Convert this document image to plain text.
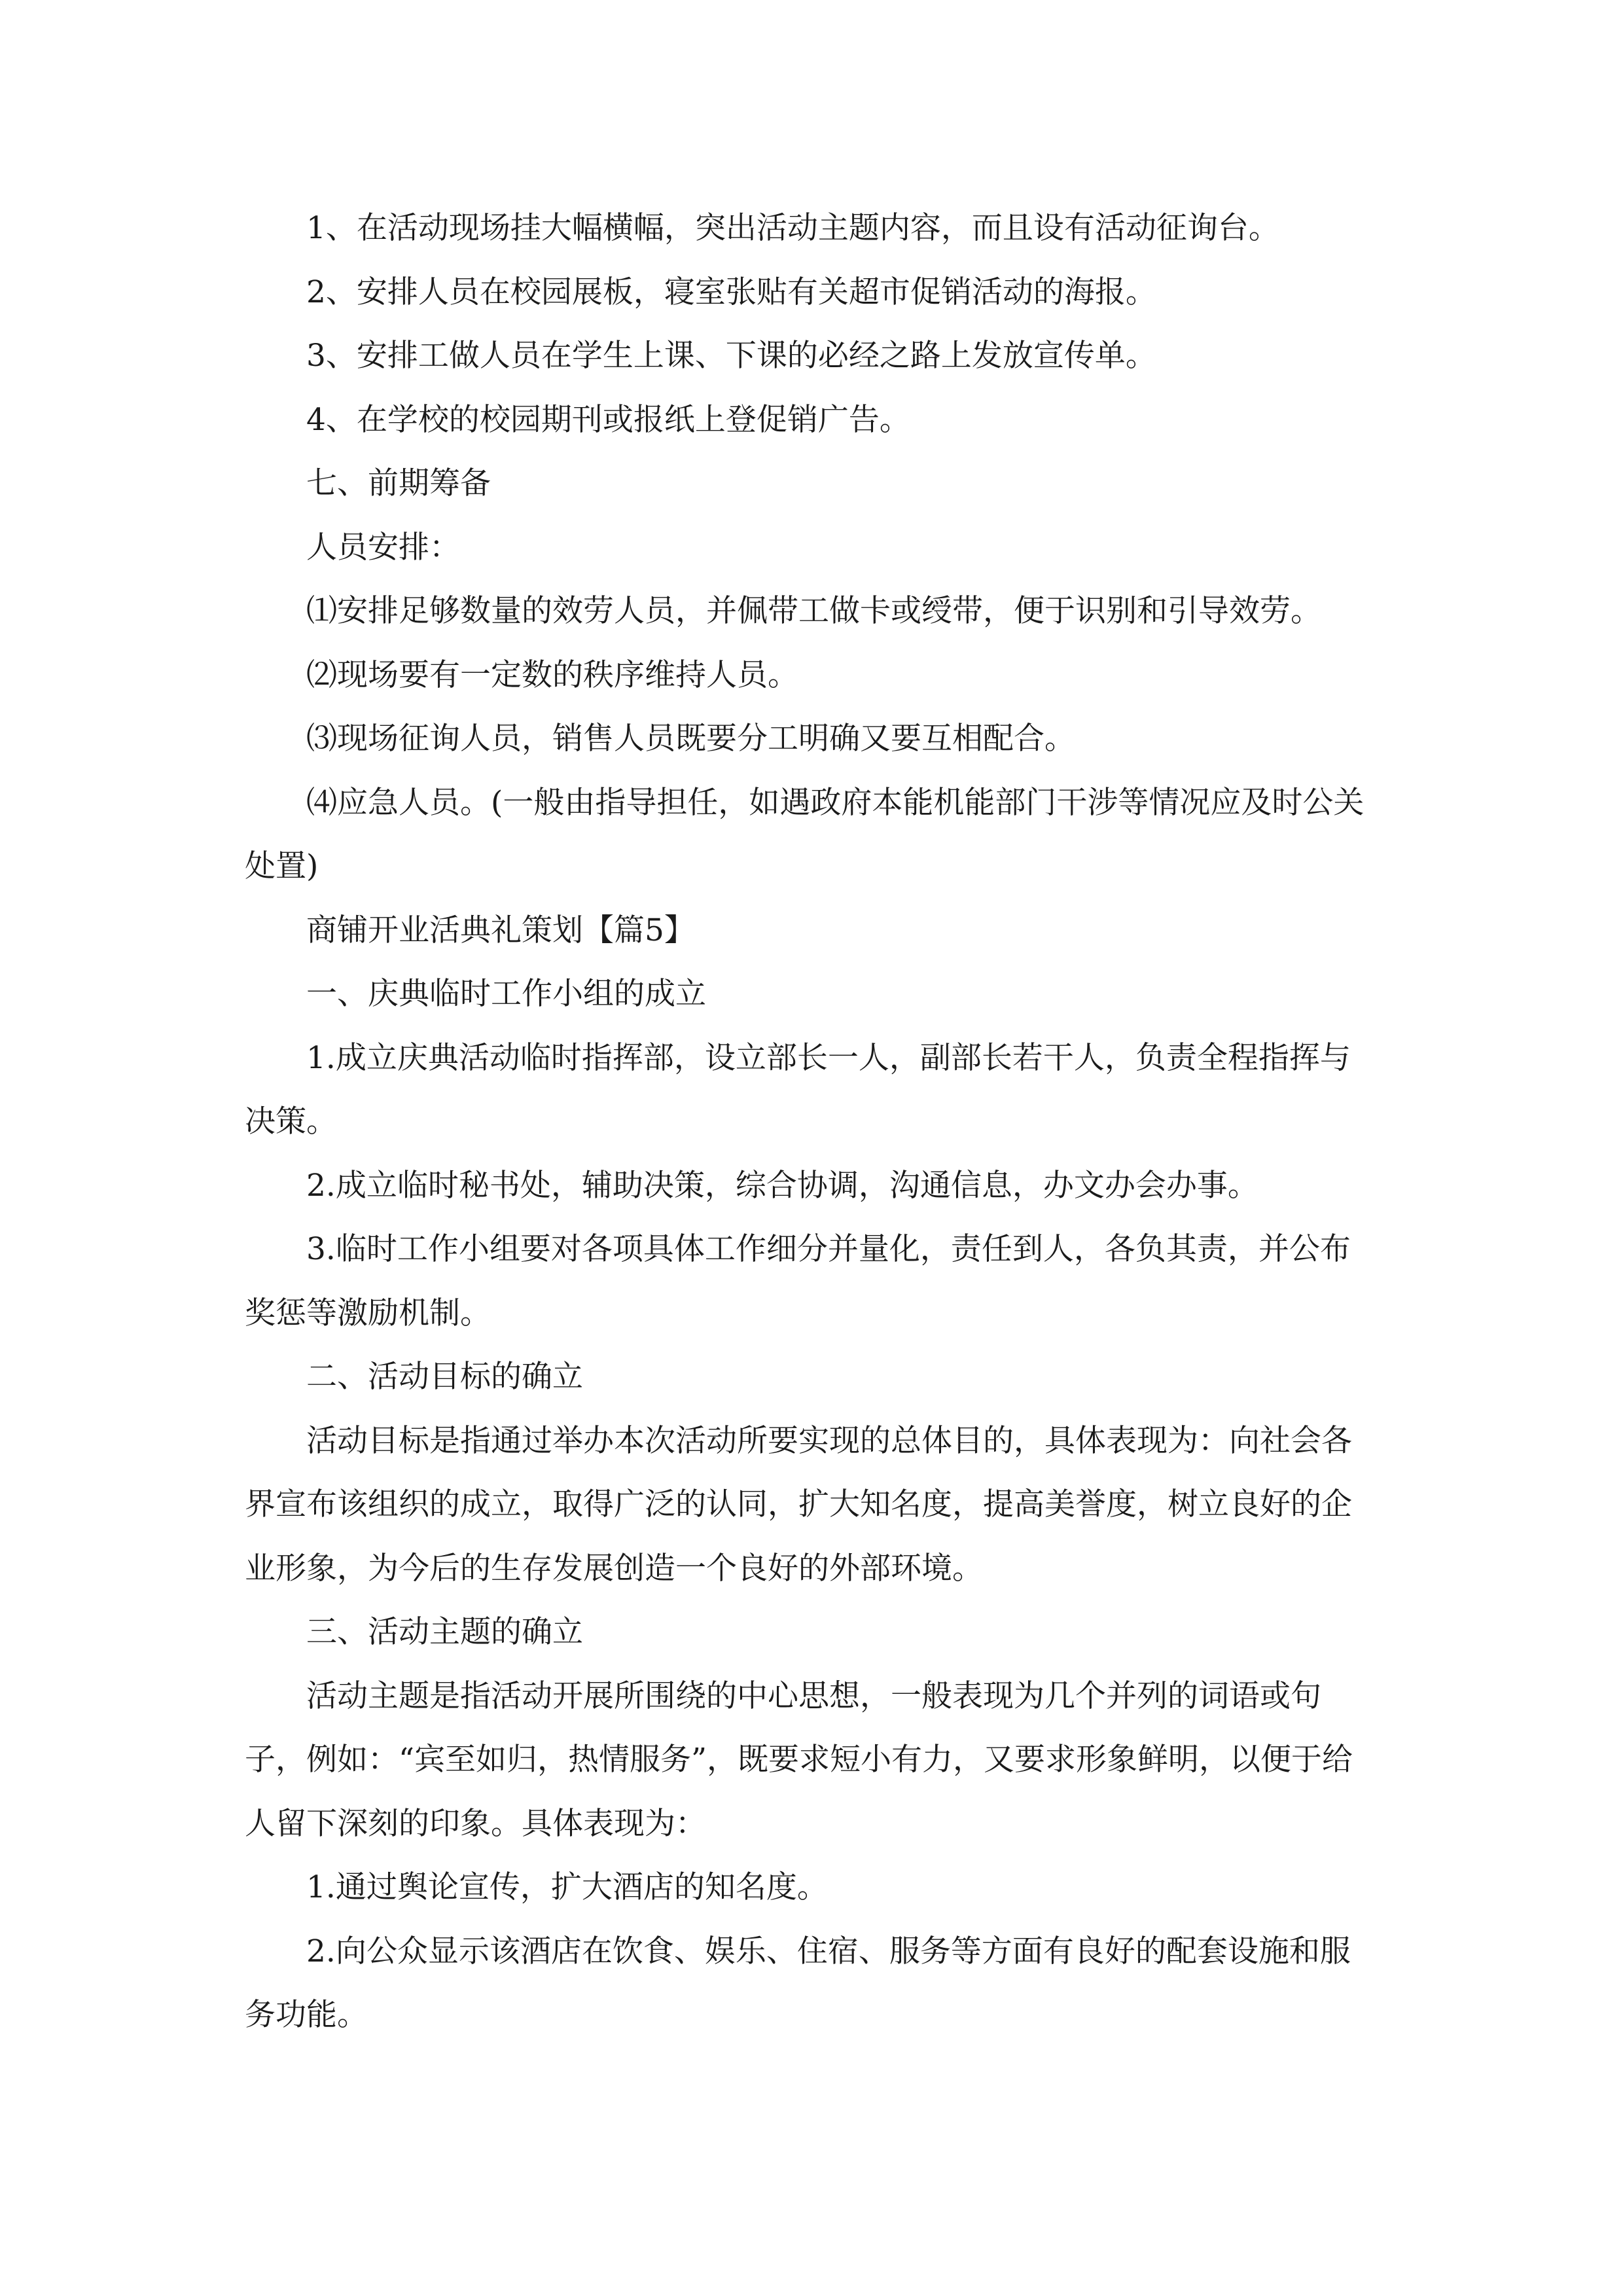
1、在活动现场挂大幅横幅，突出活动主题内容，而且设有活动征询台。

2、安排人员在校园展板，寝室张贴有关超市促销活动的海报。

3、安排工做人员在学生上课、下课的必经之路上发放宣传单。

4、在学校的校园期刊或报纸上登促销广告。

七、前期筹备

人员安排：

⑴安排足够数量的效劳人员，并佩带工做卡或绶带，便于识别和引导效劳。

⑵现场要有一定数的秩序维持人员。

⑶现场征询人员，销售人员既要分工明确又要互相配合。

⑷应急人员。(一般由指导担任，如遇政府本能机能部门干涉等情况应及时公关处置)

商铺开业活典礼策划【篇5】

一、庆典临时工作小组的成立

1.成立庆典活动临时指挥部，设立部长一人，副部长若干人，负责全程指挥与决策。

2.成立临时秘书处，辅助决策，综合协调，沟通信息，办文办会办事。

3.临时工作小组要对各项具体工作细分并量化，责任到人，各负其责，并公布奖惩等激励机制。

二、活动目标的确立

活动目标是指通过举办本次活动所要实现的总体目的，具体表现为：向社会各界宣布该组织的成立，取得广泛的认同，扩大知名度，提高美誉度，树立良好的企业形象，为今后的生存发展创造一个良好的外部环境。

三、活动主题的确立

活动主题是指活动开展所围绕的中心思想，一般表现为几个并列的词语或句子，例如：“宾至如归，热情服务”，既要求短小有力，又要求形象鲜明，以便于给人留下深刻的印象。具体表现为：

1.通过舆论宣传，扩大酒店的知名度。

2.向公众显示该酒店在饮食、娱乐、住宿、服务等方面有良好的配套设施和服务功能。
